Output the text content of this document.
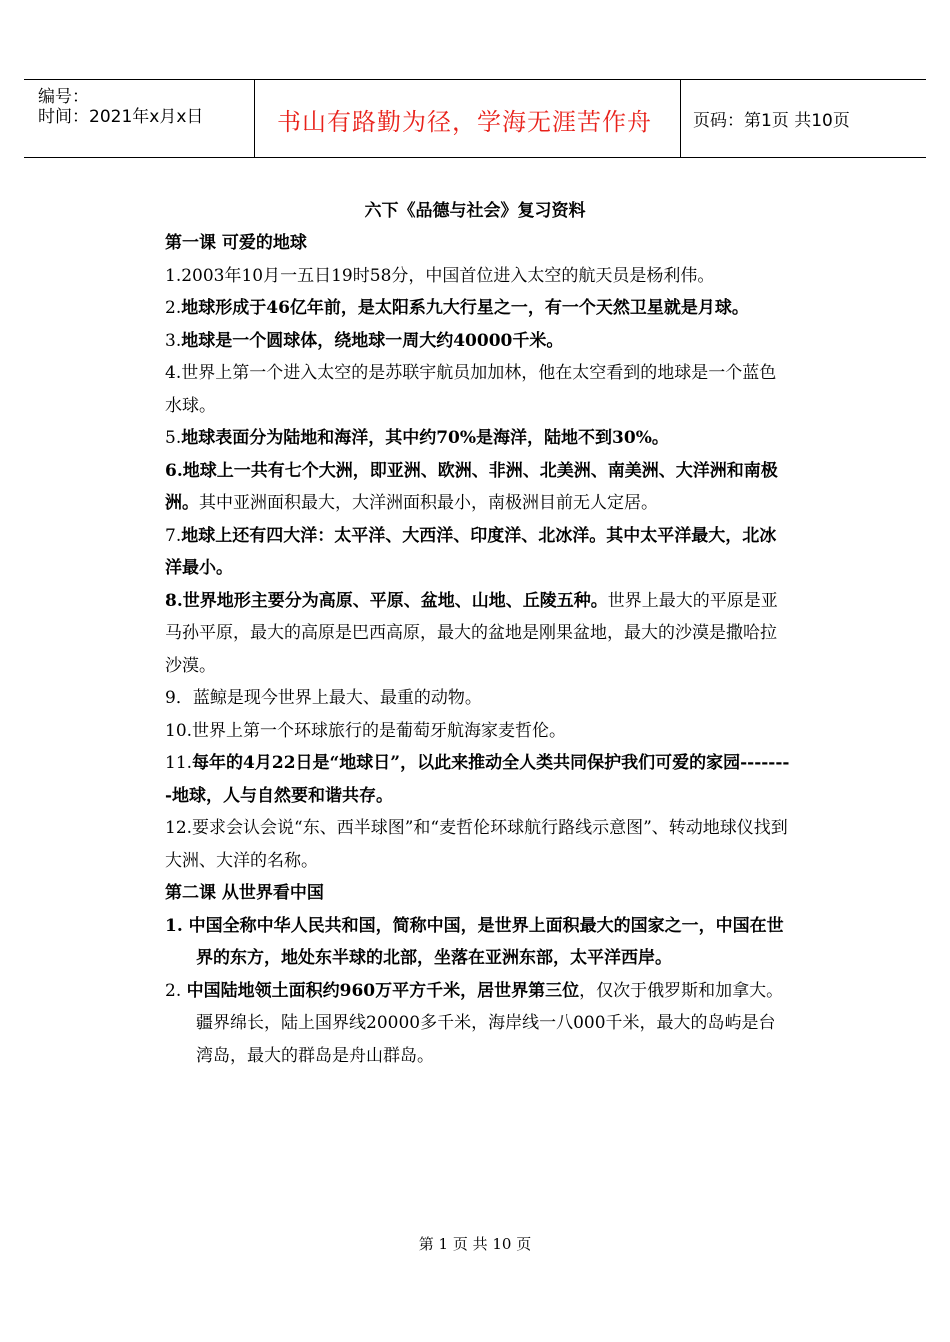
编号：
时间：2021年x月x日	书山有路勤为径，学海无涯苦作舟 页码：第1页 共10页
六下《品德与社会》复习资料

第一课 可爱的地球

1.2003年10月一五日19时58分，中国首位进入太空的航天员是杨利伟。

2.地球形成于46亿年前，是太阳系九大行星之一，有一个天然卫星就是月球。

3.地球是一个圆球体，绕地球一周大约40000千米。

4.世界上第一个进入太空的是苏联宇航员加加林，他在太空看到的地球是一个蓝色水球。

5.地球表面分为陆地和海洋，其中约70%是海洋，陆地不到30%。

6.地球上一共有七个大洲，即亚洲、欧洲、非洲、北美洲、南美洲、大洋洲和南极洲。其中亚洲面积最大，大洋洲面积最小，南极洲目前无人定居。

7.地球上还有四大洋：太平洋、大西洋、印度洋、北冰洋。其中太平洋最大，北冰洋最小。

8.世界地形主要分为高原、平原、盆地、山地、丘陵五种。世界上最大的平原是亚马孙平原，最大的高原是巴西高原，最大的盆地是刚果盆地，最大的沙漠是撒哈拉沙漠。

9．蓝鲸是现今世界上最大、最重的动物。

10.世界上第一个环球旅行的是葡萄牙航海家麦哲伦。

11.每年的4月22日是“地球日”，以此来推动全人类共同保护我们可爱的家园--------地球，人与自然要和谐共存。

12.要求会认会说“东、西半球图”和“麦哲伦环球航行路线示意图”、转动地球仪找到大洲、大洋的名称。

第二课 从世界看中国

1. 中国全称中华人民共和国，简称中国，是世界上面积最大的国家之一，中国在世界的东方，地处东半球的北部，坐落在亚洲东部，太平洋西岸。

2. 中国陆地领土面积约960万平方千米，居世界第三位，仅次于俄罗斯和加拿大。疆界绵长，陆上国界线20000多千米，海岸线一八000千米，最大的岛屿是台湾岛，最大的群岛是舟山群岛。

第 1 页 共 10 页
